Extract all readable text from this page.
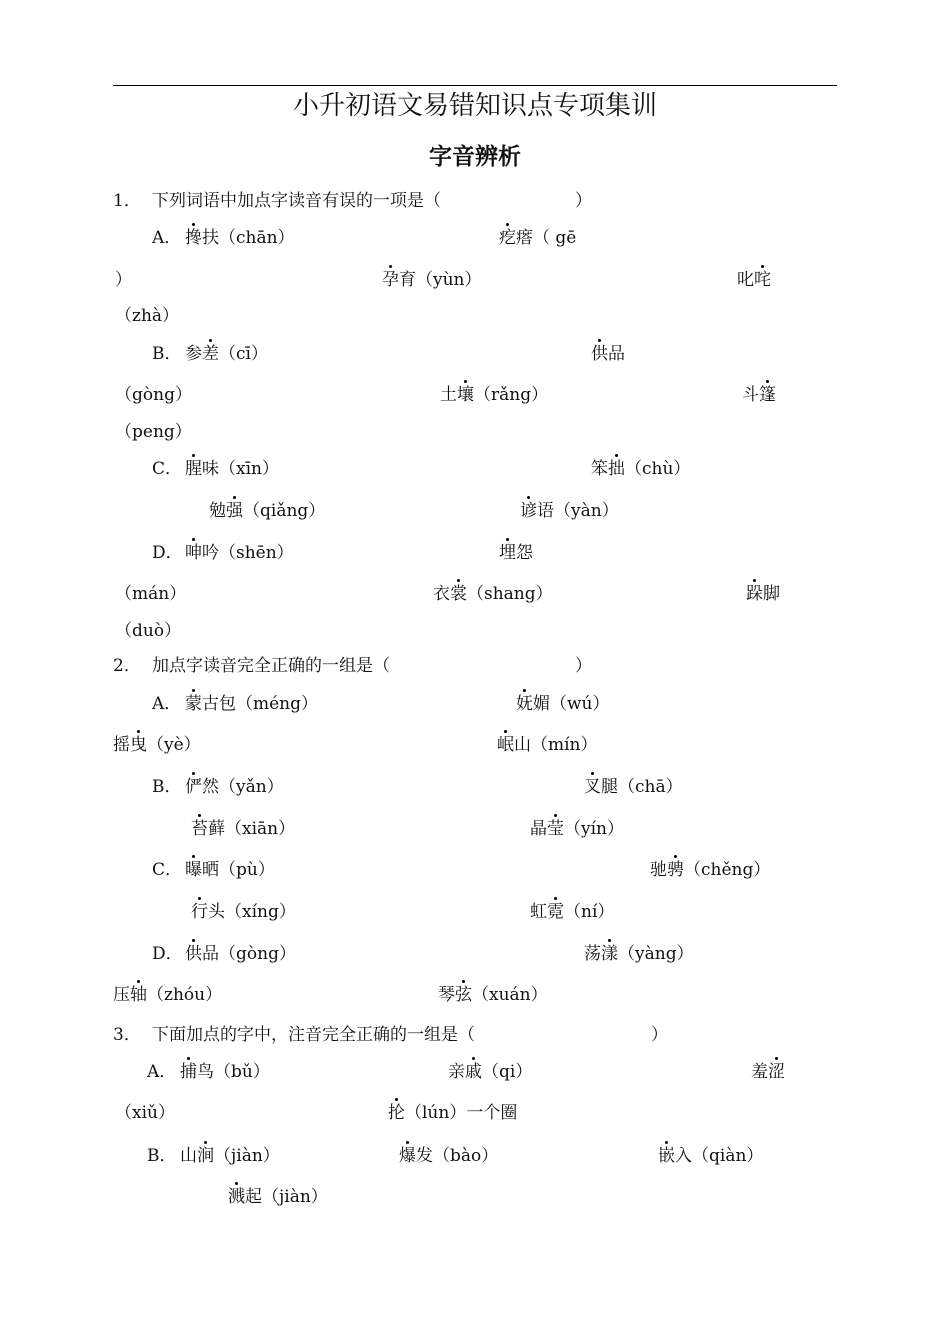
小升初语文易错知识点专项集训
字音辨析
1． 下列词语中加点字读音有误的一项是（	）
A． 搀扶（chān）	疙瘩（ gē
）	孕育（yùn）	叱咤
（zhà）
B． 参差（cī）	供品
（gòng）	土壤（rǎng）	斗篷
（peng）
C． 腥味（xīn）	笨拙（chù）
勉强（qiǎng）	谚语（yàn）
D． 呻吟（shēn）	埋怨
（mán）	衣裳（shang）	跺脚
（duò）
2． 加点字读音完全正确的一组是（	）
A． 蒙古包（méng）	妩媚（wú）
摇曳（yè）	岷山（mín）
B． 俨然（yǎn）	叉腿（chā）
苔藓（xiān）	晶莹（yín）
C． 曝晒（pù）	驰骋（chěng）
行头（xíng）	虹霓（ní）
D． 供品（gòng）	荡漾（yàng）
压轴（zhóu）	琴弦（xuán）
3． 下面加点的字中，注音完全正确的一组是（	）
A． 捕鸟（bǔ）	亲戚（qi）	羞涩
（xiǔ）	抡（lún）一个圈
B． 山涧（jiàn）	爆发（bào）	嵌入（qiàn）
溅起（jiàn）
